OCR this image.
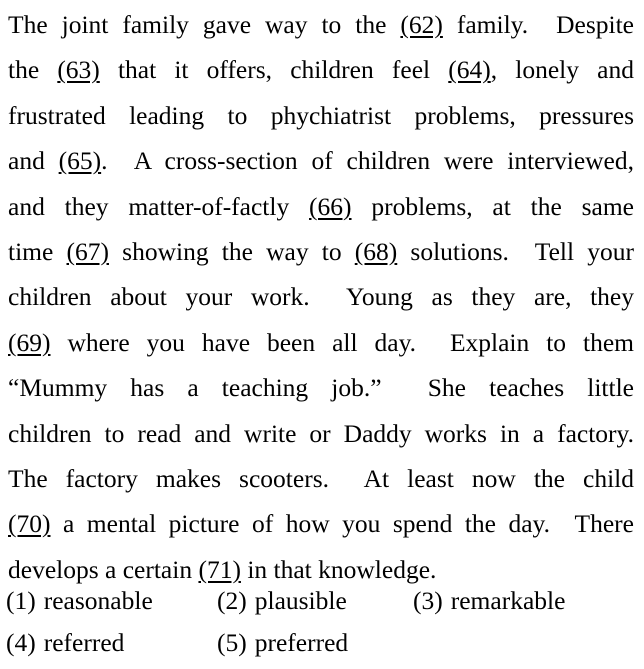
The joint family gave way to the (62) family.  Despite
the (63) that it offers, children feel (64), lonely and
frustrated leading to phychiatrist problems, pressures
and (65).  A cross-section of children were interviewed,
and they matter-of-factly (66) problems, at the same
time (67) showing the way to (68) solutions.  Tell your
children about your work.  Young as they are, they
(69) where you have been all day.  Explain to them
“Mummy has a teaching job.”  She teaches little
children to read and write or Daddy works in a factory.
The factory makes scooters.  At least now the child
(70) a mental picture of how you spend the day.  There
develops a certain (71) in that knowledge.
(1) reasonable	(2) plausible	(3) remarkable
(4) referred	(5) preferred
